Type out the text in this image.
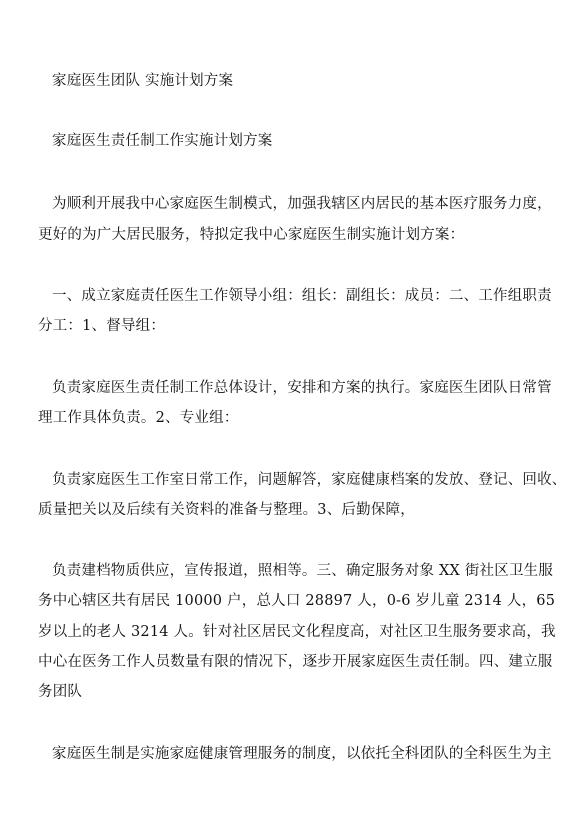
家庭医生团队 实施计划方案
家庭医生责任制工作实施计划方案
为顺利开展我中心家庭医生制模式，加强我辖区内居民的基本医疗服务力度，
更好的为广大居民服务，特拟定我中心家庭医生制实施计划方案：
一、成立家庭责任医生工作领导小组：组长：副组长：成员：二、工作组职责
分工：1、督导组：
负责家庭医生责任制工作总体设计，安排和方案的执行。家庭医生团队日常管
理工作具体负责。2、专业组：
负责家庭医生工作室日常工作，问题解答，家庭健康档案的发放、登记、回收、
质量把关以及后续有关资料的准备与整理。3、后勤保障，
负责建档物质供应，宣传报道，照相等。三、确定服务对象 XX 街社区卫生服
务中心辖区共有居民 10000 户，总人口 28897 人，0-6 岁儿童 2314 人，65
岁以上的老人 3214 人。针对社区居民文化程度高，对社区卫生服务要求高，我
中心在医务工作人员数量有限的情况下，逐步开展家庭医生责任制。四、建立服
务团队
家庭医生制是实施家庭健康管理服务的制度，以依托全科团队的全科医生为主
